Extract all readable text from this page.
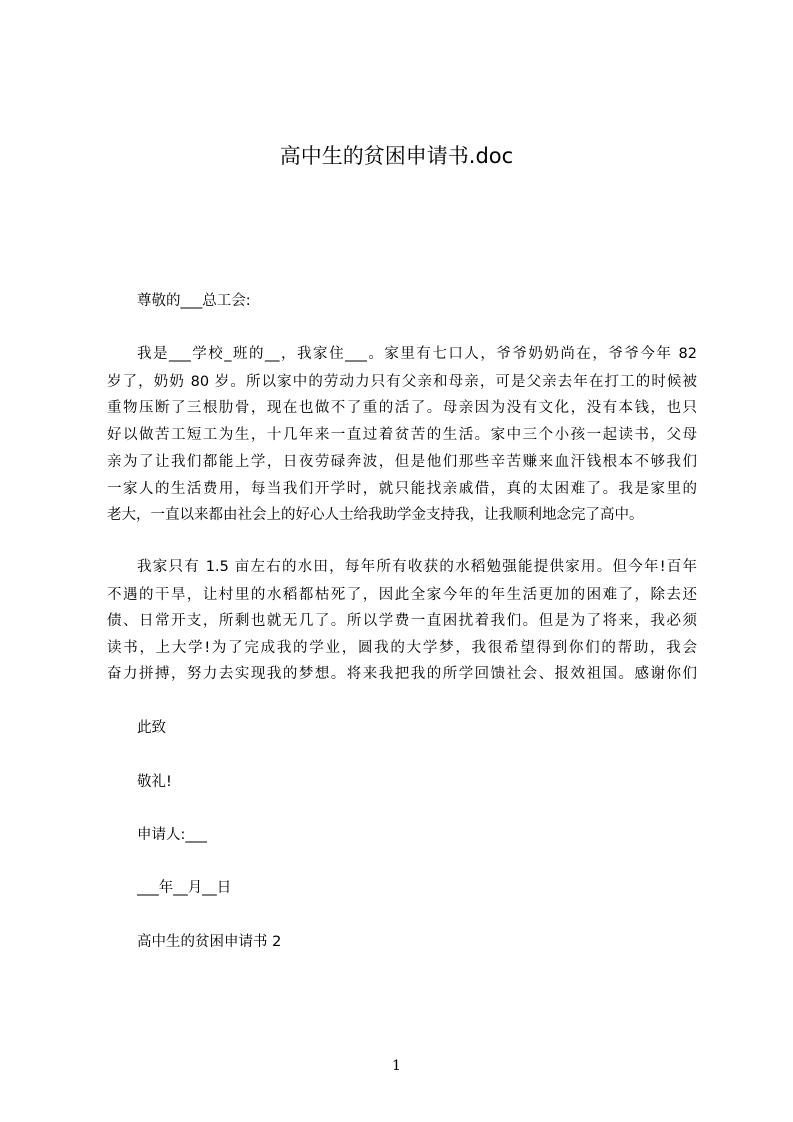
高中生的贫困申请书.doc
尊敬的___总工会:
我是___学校_班的__，我家住___。家里有七口人，爷爷奶奶尚在，爷爷今年 82
岁了，奶奶 80 岁。所以家中的劳动力只有父亲和母亲，可是父亲去年在打工的时候被
重物压断了三根肋骨，现在也做不了重的活了。母亲因为没有文化，没有本钱，也只
好以做苦工短工为生，十几年来一直过着贫苦的生活。家中三个小孩一起读书，父母
亲为了让我们都能上学，日夜劳碌奔波，但是他们那些辛苦赚来血汗钱根本不够我们
一家人的生活费用，每当我们开学时，就只能找亲戚借，真的太困难了。我是家里的
老大，一直以来都由社会上的好心人士给我助学金支持我，让我顺利地念完了高中。
我家只有 1.5 亩左右的水田，每年所有收获的水稻勉强能提供家用。但今年!百年
不遇的干旱，让村里的水稻都枯死了，因此全家今年的年生活更加的困难了，除去还
债、日常开支，所剩也就无几了。所以学费一直困扰着我们。但是为了将来，我必须
读书，上大学!为了完成我的学业，圆我的大学梦，我很希望得到你们的帮助，我会
奋力拼搏，努力去实现我的梦想。将来我把我的所学回馈社会、报效祖国。感谢你们
此致
敬礼!
申请人:___
___年__月__日
高中生的贫困申请书 2
1
